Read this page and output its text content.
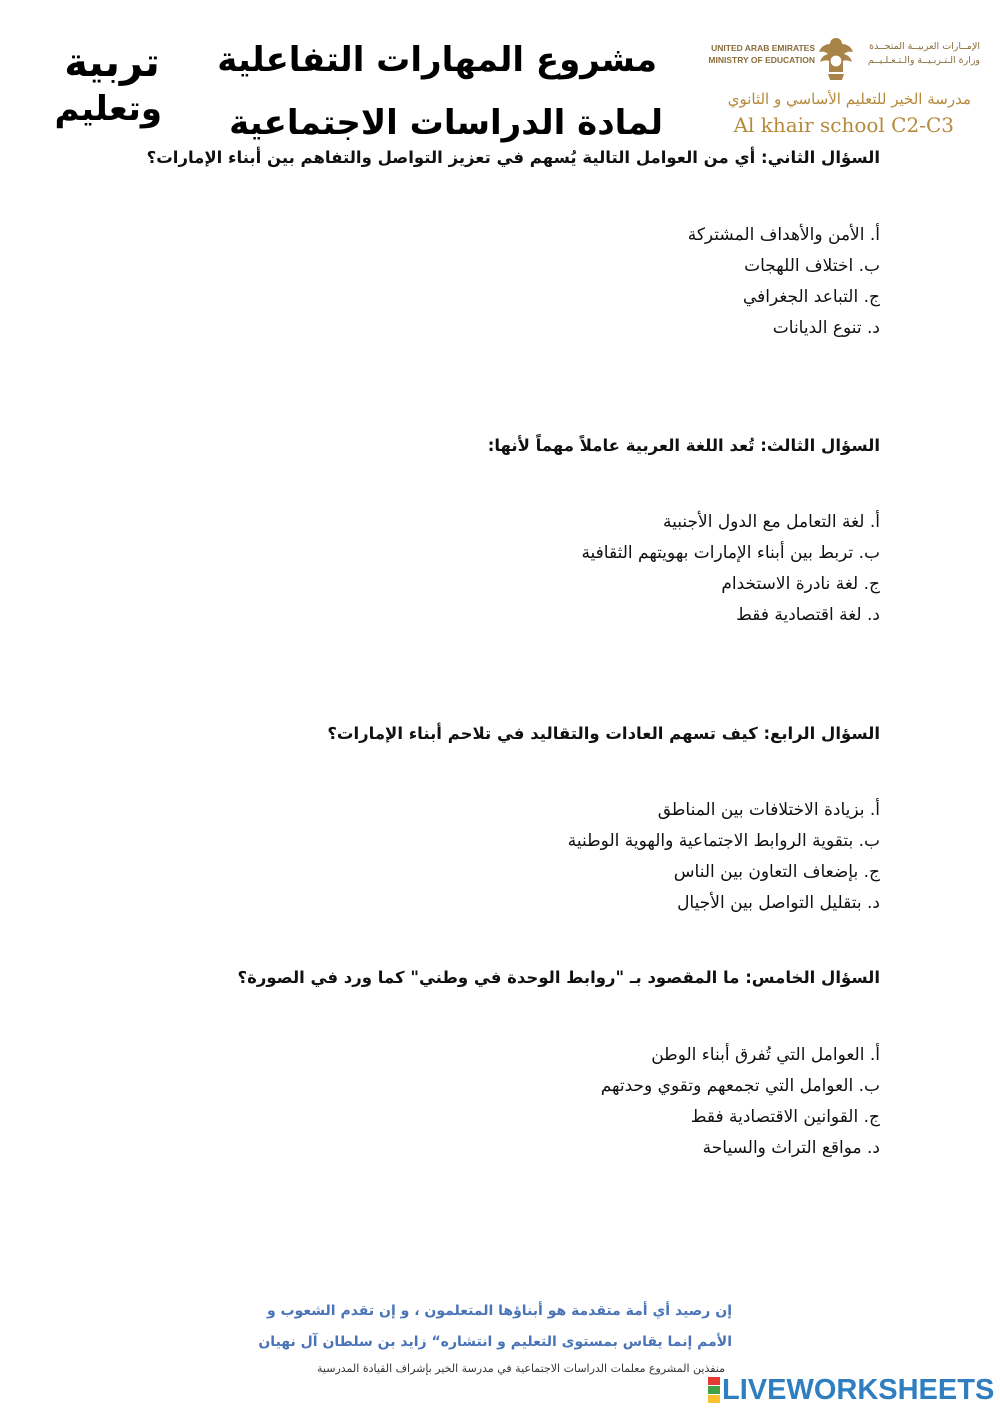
تربية
وتعليم
مشروع المهارات التفاعلية
لمادة الدراسات الاجتماعية
UNITED ARAB EMIRATES
MINISTRY OF EDUCATION
الإمــارات العربيــة المتحــدة
وزارة الـتـربـيــة والـتـعـلـيــم
مدرسة الخير للتعليم الأساسي و الثانوي
Al khair school C2-C3
السؤال الثاني: أي من العوامل التالية يُسهم في تعزيز التواصل والتفاهم بين أبناء الإمارات؟
أ. الأمن والأهداف المشتركة
ب. اختلاف اللهجات
ج. التباعد الجغرافي
د. تنوع الديانات
السؤال الثالث: تُعد اللغة العربية عاملاً مهماً لأنها:
أ. لغة التعامل مع الدول الأجنبية
ب. تربط بين أبناء الإمارات بهويتهم الثقافية
ج. لغة نادرة الاستخدام
د. لغة اقتصادية فقط
السؤال الرابع: كيف تسهم العادات والتقاليد في تلاحم أبناء الإمارات؟
أ. بزيادة الاختلافات بين المناطق
ب. بتقوية الروابط الاجتماعية والهوية الوطنية
ج. بإضعاف التعاون بين الناس
د. بتقليل التواصل بين الأجيال
السؤال الخامس: ما المقصود بـ "روابط الوحدة في وطني" كما ورد في الصورة؟
أ. العوامل التي تُفرق أبناء الوطن
ب. العوامل التي تجمعهم وتقوي وحدتهم
ج. القوانين الاقتصادية فقط
د. مواقع التراث والسياحة
إن رصيد أي أمة متقدمة هو أبناؤها المتعلمون ، و إن تقدم الشعوب و
الأمم إنما يقاس بمستوى التعليم و انتشاره“ زايد بن سلطان آل نهيان
منفذين المشروع معلمات الدراسات الاجتماعية في مدرسة الخير بإشراف القيادة المدرسية
LIVEWORKSHEETS
